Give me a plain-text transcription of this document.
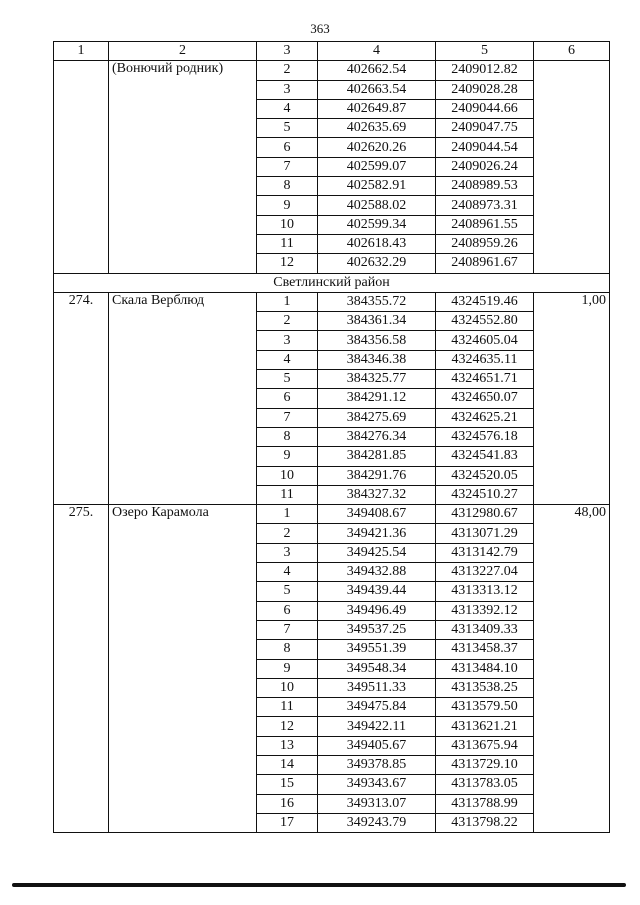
363
1	2	3	4	5	6
	(Вонючий родник)	2	402662.54	2409012.82	
		3	402663.54	2409028.28	
		4	402649.87	2409044.66	
		5	402635.69	2409047.75	
		6	402620.26	2409044.54	
		7	402599.07	2409026.24	
		8	402582.91	2408989.53	
		9	402588.02	2408973.31	
		10	402599.34	2408961.55	
		11	402618.43	2408959.26	
		12	402632.29	2408961.67	
Светлинский район					
274.	Скала Верблюд	1	384355.72	4324519.46	1,00
		2	384361.34	4324552.80	
		3	384356.58	4324605.04	
		4	384346.38	4324635.11	
		5	384325.77	4324651.71	
		6	384291.12	4324650.07	
		7	384275.69	4324625.21	
		8	384276.34	4324576.18	
		9	384281.85	4324541.83	
		10	384291.76	4324520.05	
		11	384327.32	4324510.27	
275.	Озеро Карамола	1	349408.67	4312980.67	48,00
		2	349421.36	4313071.29	
		3	349425.54	4313142.79	
		4	349432.88	4313227.04	
		5	349439.44	4313313.12	
		6	349496.49	4313392.12	
		7	349537.25	4313409.33	
		8	349551.39	4313458.37	
		9	349548.34	4313484.10	
		10	349511.33	4313538.25	
		11	349475.84	4313579.50	
		12	349422.11	4313621.21	
		13	349405.67	4313675.94	
		14	349378.85	4313729.10	
		15	349343.67	4313783.05	
		16	349313.07	4313788.99	
		17	349243.79	4313798.22	
